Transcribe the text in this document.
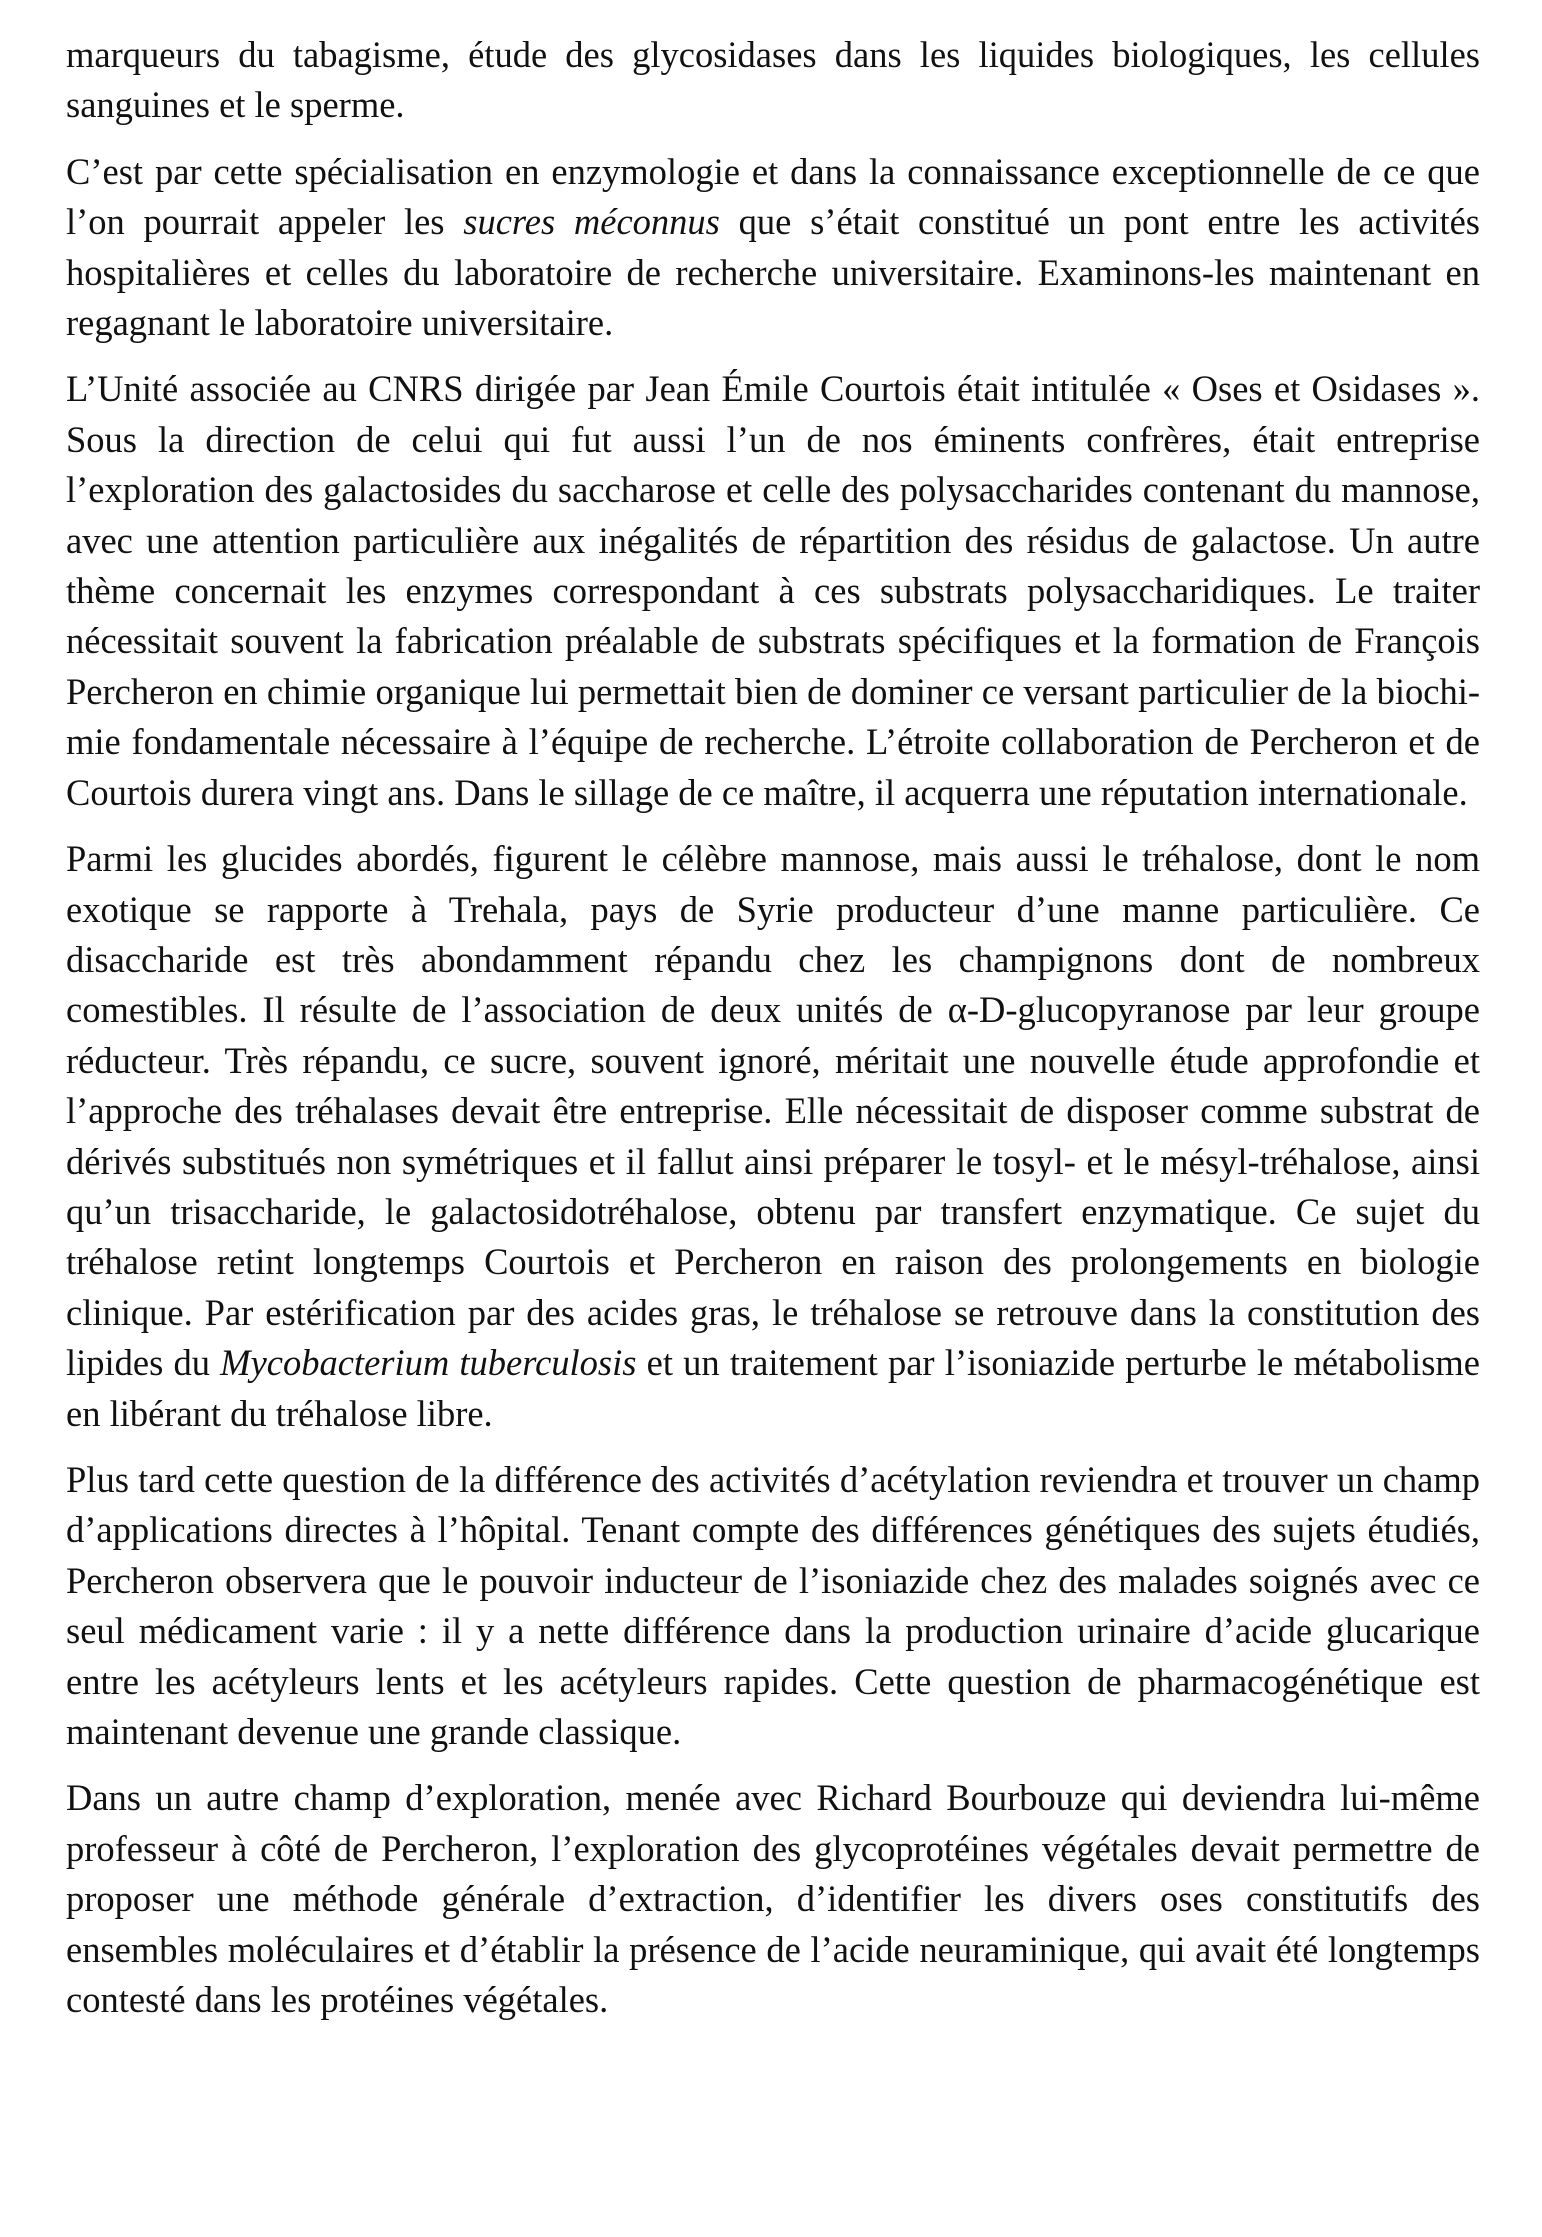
marqueurs du tabagisme, étude des glycosidases dans les liquides biologiques, les cellules sanguines et le sperme.

C’est par cette spécialisation en enzymologie et dans la connaissance exceptionnelle de ce que l’on pourrait appeler les sucres méconnus que s’était constitué un pont entre les activités hospitalières et celles du laboratoire de recherche universitaire. Examinons-les maintenant en regagnant le laboratoire universitaire.

L’Unité associée au CNRS dirigée par Jean Émile Courtois était intitulée « Oses et Osidases ». Sous la direction de celui qui fut aussi l’un de nos éminents confrères, était entreprise l’exploration des galactosides du saccharose et celle des polysaccharides contenant du mannose, avec une attention particulière aux inégalités de répartition des résidus de galactose. Un autre thème concernait les enzymes correspondant à ces substrats polysaccharidiques. Le traiter nécessitait souvent la fabrication préalable de substrats spécifiques et la formation de François Percheron en chimie organique lui permettait bien de dominer ce versant particulier de la biochimie fondamentale nécessaire à l’équipe de recherche. L’étroite collaboration de Percheron et de Courtois durera vingt ans. Dans le sillage de ce maître, il acquerra une réputation internationale.

Parmi les glucides abordés, figurent le célèbre mannose, mais aussi le tréhalose, dont le nom exotique se rapporte à Trehala, pays de Syrie producteur d’une manne particulière. Ce disaccharide est très abondamment répandu chez les champignons dont de nombreux comestibles. Il résulte de l’association de deux unités de α-D-glucopyranose par leur groupe réducteur. Très répandu, ce sucre, souvent ignoré, méritait une nouvelle étude approfondie et l’approche des tréhalases devait être entreprise. Elle nécessitait de disposer comme substrat de dérivés substitués non symétriques et il fallut ainsi préparer le tosyl- et le mésyl-tréhalose, ainsi qu’un trisaccharide, le galactosidotréhalose, obtenu par transfert enzymatique. Ce sujet du tréhalose retint longtemps Courtois et Percheron en raison des prolongements en biologie clinique. Par estérification par des acides gras, le tréhalose se retrouve dans la constitution des lipides du Mycobacterium tuberculosis et un traitement par l’isoniazide perturbe le métabolisme en libérant du tréhalose libre.

Plus tard cette question de la différence des activités d’acétylation reviendra et trouver un champ d’applications directes à l’hôpital. Tenant compte des différences génétiques des sujets étudiés, Percheron observera que le pouvoir inducteur de l’isoniazide chez des malades soignés avec ce seul médicament varie : il y a nette différence dans la production urinaire d’acide glucarique entre les acétyleurs lents et les acétyleurs rapides. Cette question de pharmacogénétique est maintenant devenue une grande classique.

Dans un autre champ d’exploration, menée avec Richard Bourbouze qui deviendra lui-même professeur à côté de Percheron, l’exploration des glycoprotéines végétales devait permettre de proposer une méthode générale d’extraction, d’identifier les divers oses constitutifs des ensembles moléculaires et d’établir la présence de l’acide neuraminique, qui avait été longtemps contesté dans les protéines végétales.
